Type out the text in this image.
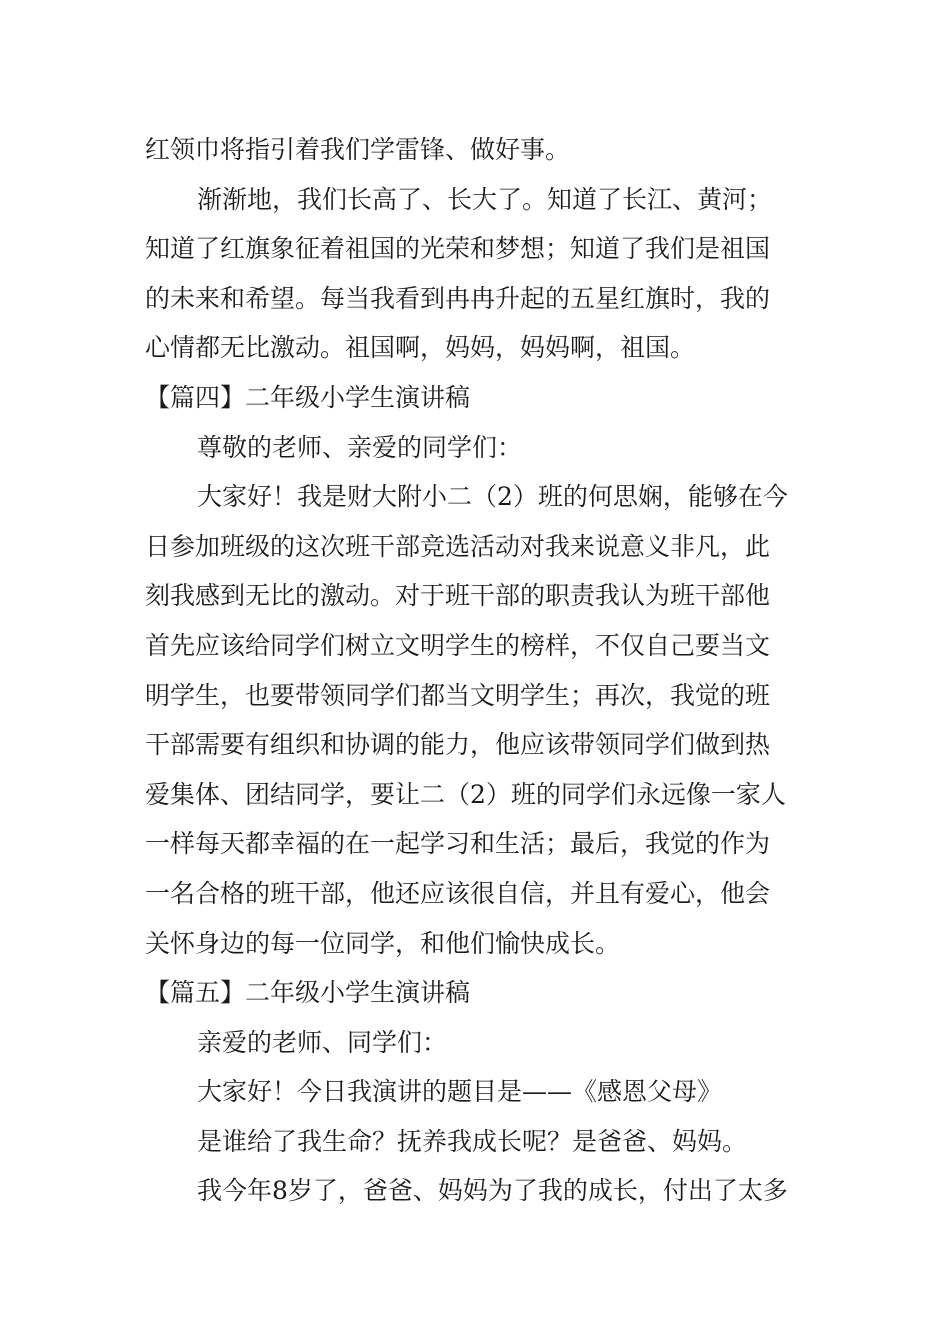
红领巾将指引着我们学雷锋、做好事。
渐渐地，我们长高了、长大了。知道了长江、黄河；
知道了红旗象征着祖国的光荣和梦想；知道了我们是祖国
的未来和希望。每当我看到冉冉升起的五星红旗时，我的
心情都无比激动。祖国啊，妈妈，妈妈啊，祖国。
【篇四】二年级小学生演讲稿
尊敬的老师、亲爱的同学们：
大家好！我是财大附小二（2）班的何思娴，能够在今
日参加班级的这次班干部竞选活动对我来说意义非凡，此
刻我感到无比的激动。对于班干部的职责我认为班干部他
首先应该给同学们树立文明学生的榜样，不仅自己要当文
明学生，也要带领同学们都当文明学生；再次，我觉的班
干部需要有组织和协调的能力，他应该带领同学们做到热
爱集体、团结同学，要让二（2）班的同学们永远像一家人
一样每天都幸福的在一起学习和生活；最后，我觉的作为
一名合格的班干部，他还应该很自信，并且有爱心，他会
关怀身边的每一位同学，和他们愉快成长。
【篇五】二年级小学生演讲稿
亲爱的老师、同学们：
大家好！今日我演讲的题目是——《感恩父母》
是谁给了我生命？抚养我成长呢？是爸爸、妈妈。
我今年8岁了，爸爸、妈妈为了我的成长，付出了太多
